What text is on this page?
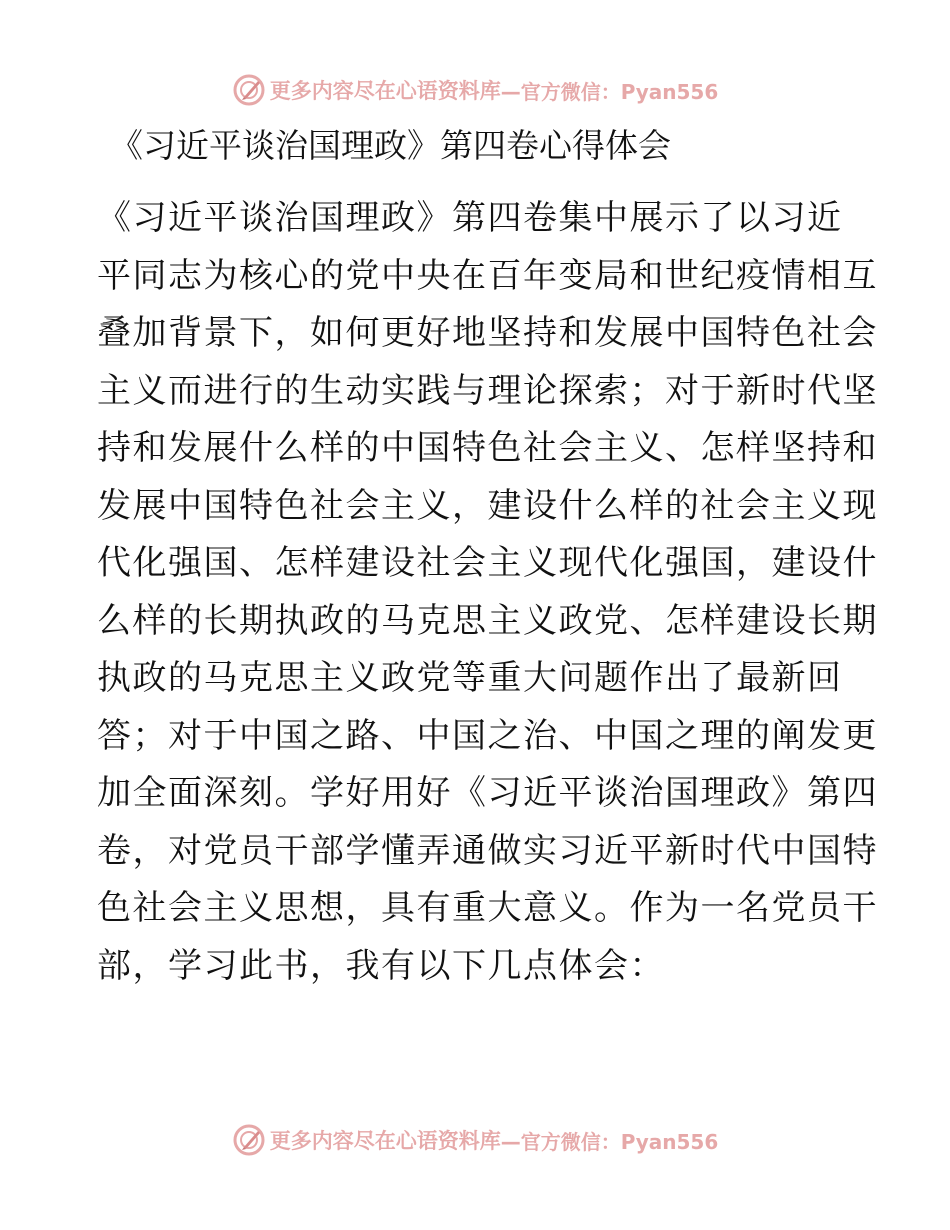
更多内容尽在心语资料库 —官方微信：Pyan556
《习近平谈治国理政》第四卷心得体会
《习近平谈治国理政》第四卷集中展示了以习近
平同志为核心的党中央在百年变局和世纪疫情相互
叠加背景下，如何更好地坚持和发展中国特色社会
主义而进行的生动实践与理论探索；对于新时代坚
持和发展什么样的中国特色社会主义、怎样坚持和
发展中国特色社会主义，建设什么样的社会主义现
代化强国、怎样建设社会主义现代化强国，建设什
么样的长期执政的马克思主义政党、怎样建设长期
执政的马克思主义政党等重大问题作出了最新回
答；对于中国之路、中国之治、中国之理的阐发更
加全面深刻。学好用好《习近平谈治国理政》第四
卷，对党员干部学懂弄通做实习近平新时代中国特
色社会主义思想，具有重大意义。作为一名党员干
部，学习此书，我有以下几点体会：
更多内容尽在心语资料库 —官方微信：Pyan556
